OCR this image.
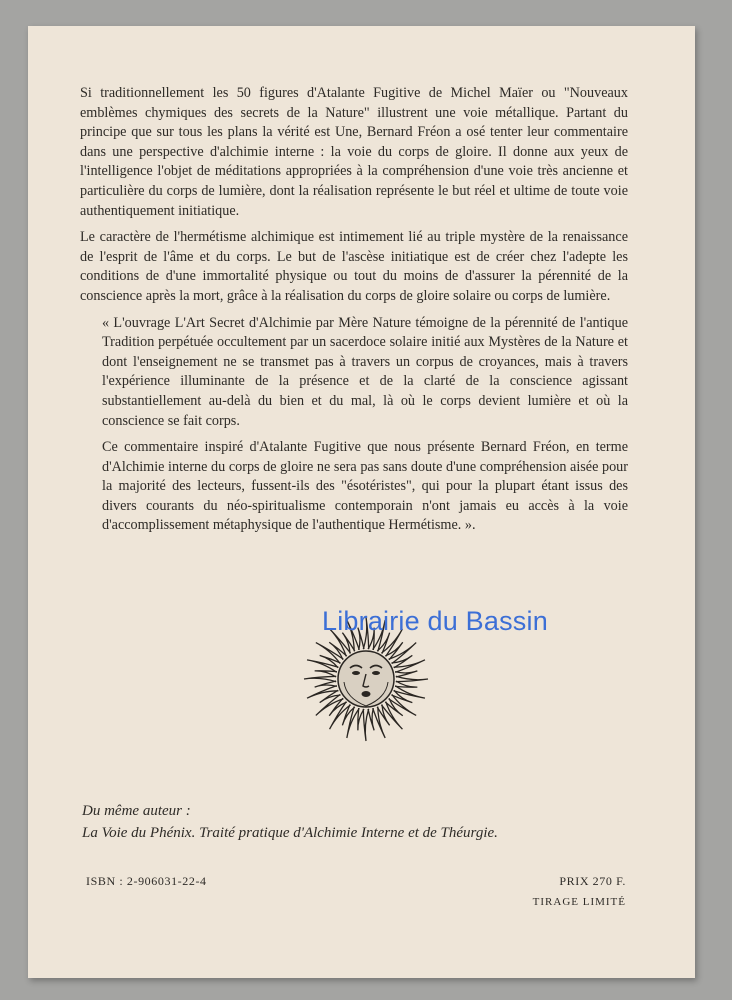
Si traditionnellement les 50 figures d'Atalante Fugitive de Michel Maïer ou "Nouveaux emblèmes chymiques des secrets de la Nature" illustrent une voie métallique. Partant du principe que sur tous les plans la vérité est Une, Bernard Fréon a osé tenter leur commentaire dans une perspective d'alchimie interne : la voie du corps de gloire. Il donne aux yeux de l'intelligence l'objet de méditations appropriées à la compréhension d'une voie très ancienne et particulière du corps de lumière, dont la réalisation représente le but réel et ultime de toute voie authentiquement initiatique.

Le caractère de l'hermétisme alchimique est intimement lié au triple mystère de la renaissance de l'esprit de l'âme et du corps. Le but de l'ascèse initiatique est de créer chez l'adepte les conditions de d'une immortalité physique ou tout du moins de d'assurer la pérennité de la conscience après la mort, grâce à la réalisation du corps de gloire solaire ou corps de lumière.

« L'ouvrage L'Art Secret d'Alchimie par Mère Nature témoigne de la pérennité de l'antique Tradition perpétuée occultement par un sacerdoce solaire initié aux Mystères de la Nature et dont l'enseignement ne se transmet pas à travers un corpus de croyances, mais à travers l'expérience illuminante de la présence et de la clarté de la conscience agissant substantiellement au-delà du bien et du mal, là où le corps devient lumière et où la conscience se fait corps.

Ce commentaire inspiré d'Atalante Fugitive que nous présente Bernard Fréon, en terme d'Alchimie interne du corps de gloire ne sera pas sans doute d'une compréhension aisée pour la majorité des lecteurs, fussent-ils des "ésotéristes", qui pour la plupart étant issus des divers courants du néo-spiritualisme contemporain n'ont jamais eu accès à la voie d'accomplissement métaphysique de l'authentique Hermétisme. ».

Librairie du Bassin
Du même auteur :
La Voie du Phénix. Traité pratique d'Alchimie Interne et de Théurgie.
ISBN : 2-906031-22-4	PRIX 270 F.
TIRAGE LIMITÉ
